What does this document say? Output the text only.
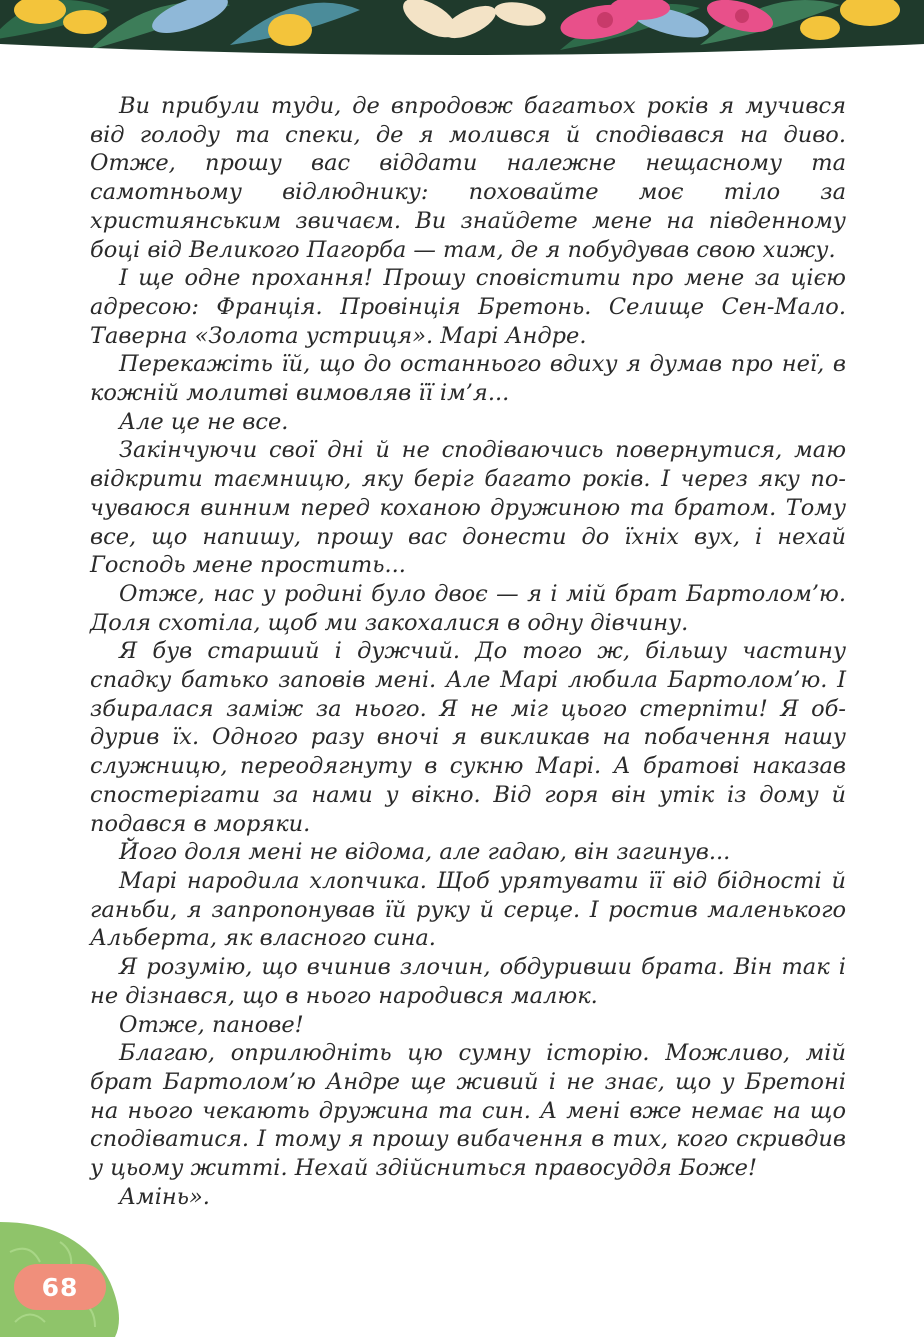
Ви прибули туди, де впродовж багатьох років я мучився від голоду та спеки, де я молився й сподівався на диво. Отже, прошу вас віддати належне нещасному та самотньому відлюднику: поховайте моє тіло за християнським звичаєм. Ви знайдете мене на південному боці від Великого Пагорба — там, де я побудував свою хижу.

І ще одне прохання! Прошу сповістити про мене за цією адресою: Франція. Провінція Бретонь. Селище Сен-Мало. Таверна «Золота устриця». Марі Андре.

Перекажіть їй, що до останнього вдиху я думав про неї, в кожній молитві вимовляв її ім’я...

Але це не все.

Закінчуючи свої дні й не сподіваючись повернутися, маю відкрити таємницю, яку беріг багато років. І через яку почуваюся винним перед коханою дружиною та братом. Тому все, що напишу, прошу вас донести до їхніх вух, і нехай Господь мене простить...

Отже, нас у родині було двоє — я і мій брат Бартолом’ю. Доля схотіла, щоб ми закохалися в одну дівчину.

Я був старший і дужчий. До того ж, більшу частину спадку батько заповів мені. Але Марі любила Бартолом’ю. І збиралася заміж за нього. Я не міг цього стерпіти! Я обдурив їх. Одного разу вночі я викликав на побачення нашу служницю, переодягнуту в сукню Марі. А братові наказав спостерігати за нами у вікно. Від горя він утік із дому й подався в моряки.

Його доля мені не відома, але гадаю, він загинув...

Марі народила хлопчика. Щоб урятувати її від бідності й ганьби, я запропонував їй руку й серце. І ростив маленького Альберта, як власного сина.

Я розумію, що вчинив злочин, обдуривши брата. Він так і не дізнався, що в нього народився малюк.

Отже, панове!

Благаю, оприлюдніть цю сумну історію. Можливо, мій брат Бартолом’ю Андре ще живий і не знає, що у Бретоні на нього чекають дружина та син. А мені вже немає на що сподіватися. І тому я прошу вибачення в тих, кого скривдив у цьому житті. Нехай здійсниться правосуддя Боже!

Амінь».

68
